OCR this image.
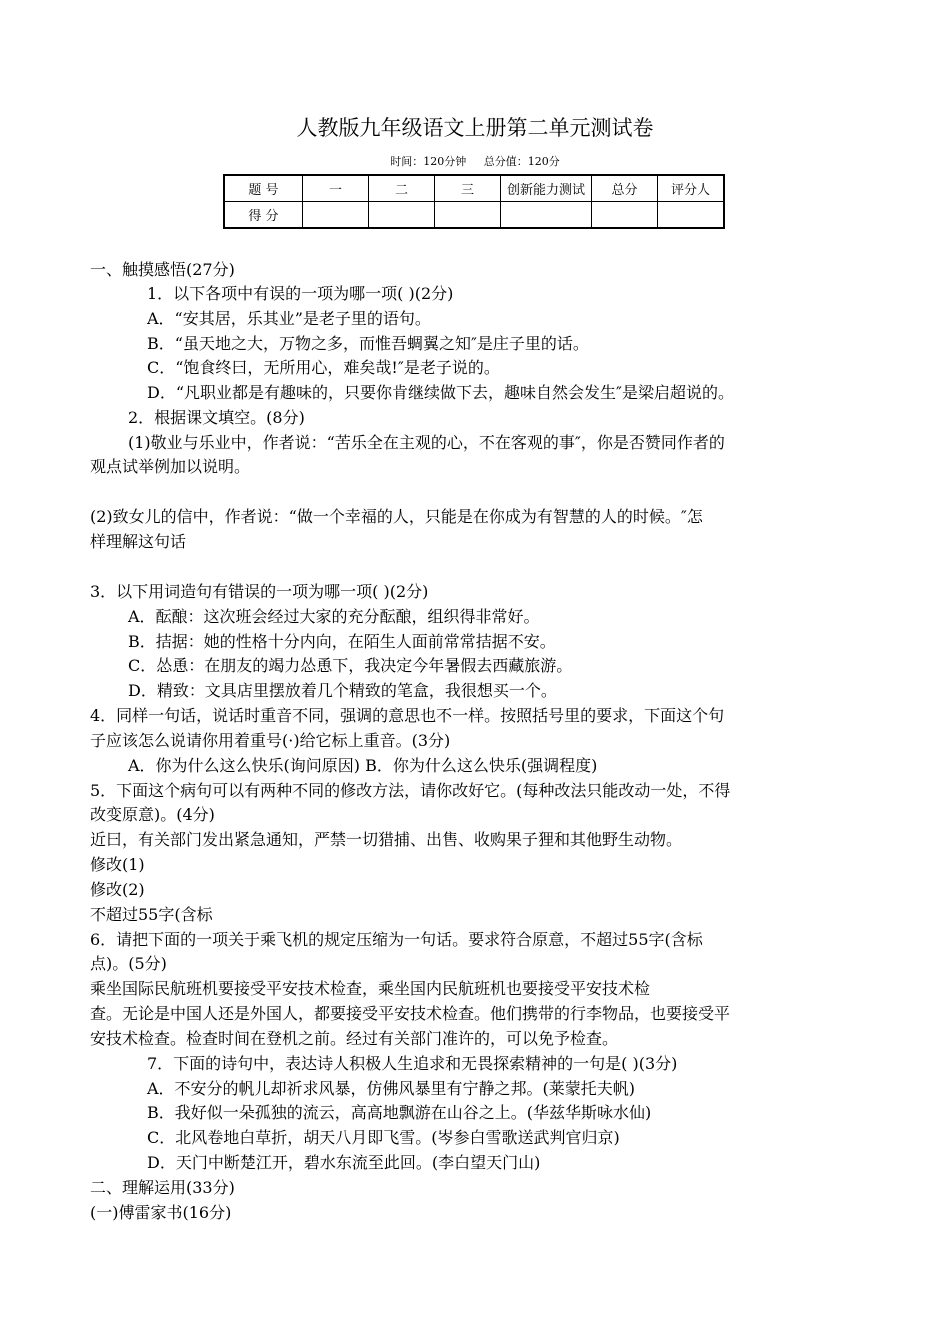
人教版九年级语文上册第二单元测试卷
时间：120分钟     总分值：120分
题 号	一	二	三	创新能力测试	总分	评分人
得 分						
一、触摸感悟(27分)
1．以下各项中有误的一项为哪一项( )(2分)
A．“安其居，乐其业”是老子里的语句。
B．“虽天地之大，万物之多，而惟吾蜩翼之知″是庄子里的话。
C．“饱食终曰，无所用心，难矣哉!″是老子说的。
D．“凡职业都是有趣味的，只要你肯继续做下去，趣味自然会发生″是梁启超说的。
2．根据课文填空。(8分)
(1)敬业与乐业中，作者说：“苦乐全在主观的心，不在客观的事″，你是否赞同作者的
观点试举例加以说明。
(2)致女儿的信中，作者说：“做一个幸福的人，只能是在你成为有智慧的人的时候。″怎
样理解这句话
3．以下用词造句有错误的一项为哪一项( )(2分)
A．酝酿：这次班会经过大家的充分酝酿，组织得非常好。
B．拮据：她的性格十分内向，在陌生人面前常常拮据不安。
C．怂恿：在朋友的竭力怂恿下，我决定今年暑假去西藏旅游。
D．精致：文具店里摆放着几个精致的笔盒，我很想买一个。
4．同样一句话，说话时重音不同，强调的意思也不一样。按照括号里的要求，下面这个句
子应该怎么说请你用着重号(·)给它标上重音。(3分)
A．你为什么这么快乐(询问原因) B．你为什么这么快乐(强调程度)
5．下面这个病句可以有两种不同的修改方法，请你改好它。(每种改法只能改动一处，不得
改变原意)。(4分)
近曰，有关部门发出紧急通知，严禁一切猎捕、出售、收购果子狸和其他野生动物。
修改(1)
修改(2)
不超过55字(含标
6．请把下面的一项关于乘飞机的规定压缩为一句话。要求符合原意，不超过55字(含标
点)。(5分)
乘坐国际民航班机要接受平安技术检查，乘坐国内民航班机也要接受平安技术检
查。无论是中国人还是外国人，都要接受平安技术检查。他们携带的行李物品，也要接受平
安技术检查。检查时间在登机之前。经过有关部门准许的，可以免予检查。
7．下面的诗句中，表达诗人积极人生追求和无畏探索精神的一句是( )(3分)
A．不安分的帆儿却祈求风暴，仿佛风暴里有宁静之邦。(莱蒙托夫帆)
B．我好似一朵孤独的流云，高高地飘游在山谷之上。(华兹华斯咏水仙)
C．北风卷地白草折，胡天八月即飞雪。(岑参白雪歌送武判官归京)
D．天门中断楚江开，碧水东流至此回。(李白望天门山)
二、理解运用(33分)
(一)傅雷家书(16分)
